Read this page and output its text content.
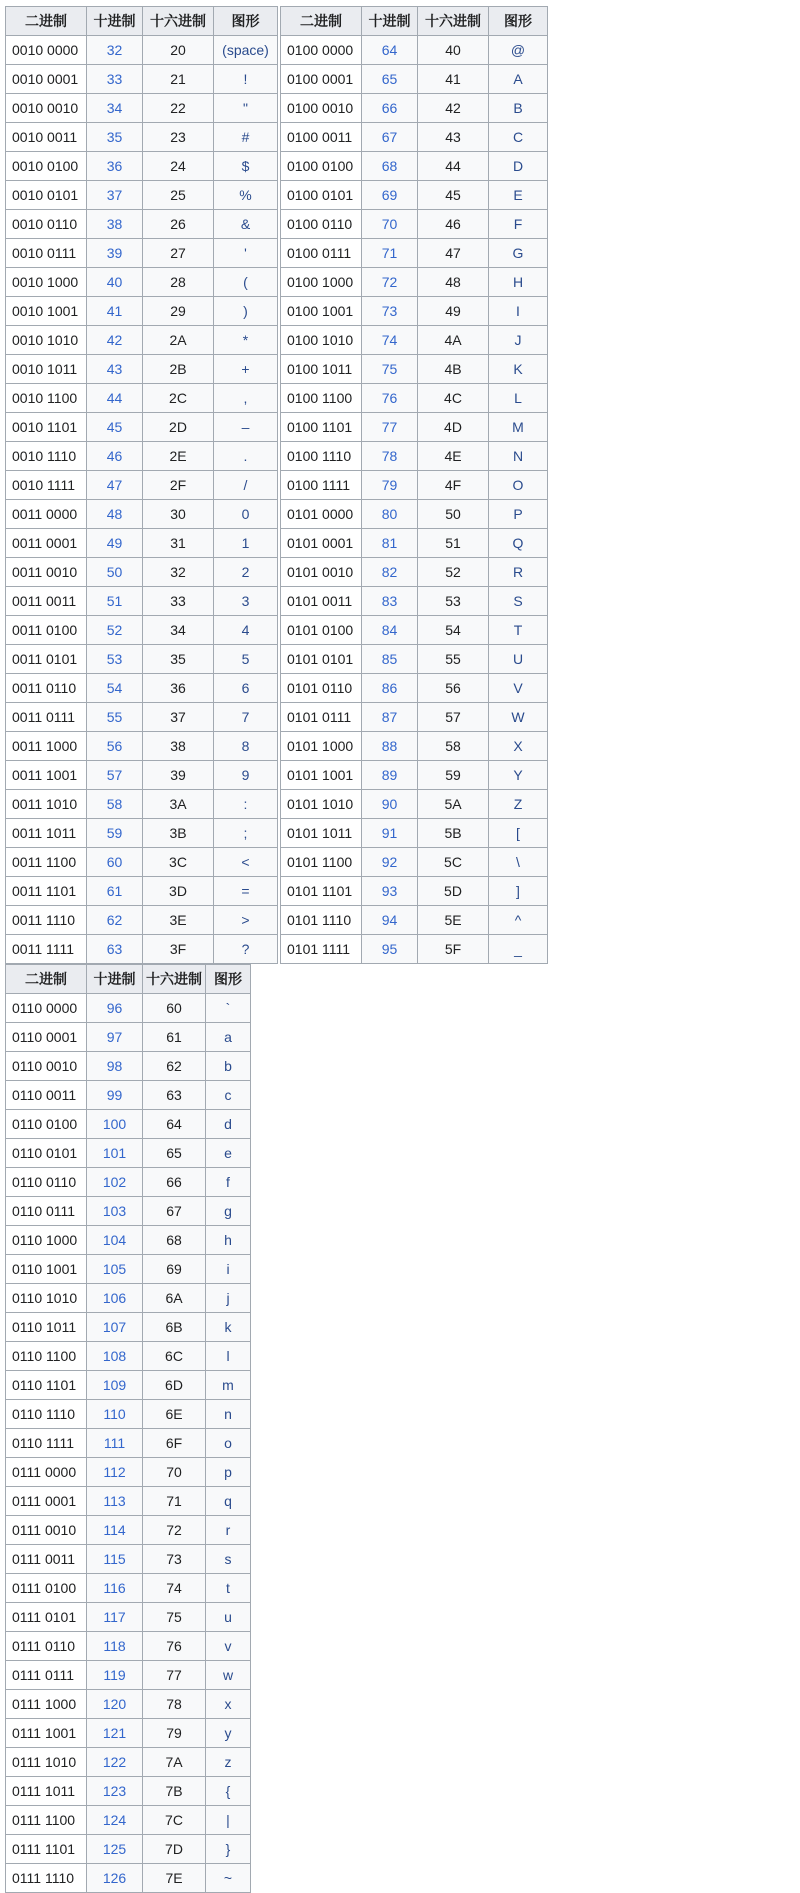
二进制	十进制	十六进制	图形
0010 0000	32	20	(space)
0010 0001	33	21	!
0010 0010	34	22	"
0010 0011	35	23	#
0010 0100	36	24	$
0010 0101	37	25	%
0010 0110	38	26	&
0010 0111	39	27	'
0010 1000	40	28	(
0010 1001	41	29	)
0010 1010	42	2A	*
0010 1011	43	2B	+
0010 1100	44	2C	,
0010 1101	45	2D	–
0010 1110	46	2E	.
0010 1111	47	2F	/
0011 0000	48	30	0
0011 0001	49	31	1
0011 0010	50	32	2
0011 0011	51	33	3
0011 0100	52	34	4
0011 0101	53	35	5
0011 0110	54	36	6
0011 0111	55	37	7
0011 1000	56	38	8
0011 1001	57	39	9
0011 1010	58	3A	:
0011 1011	59	3B	;
0011 1100	60	3C	<
0011 1101	61	3D	=
0011 1110	62	3E	>
0011 1111	63	3F	?
二进制	十进制	十六进制	图形
0100 0000	64	40	@
0100 0001	65	41	A
0100 0010	66	42	B
0100 0011	67	43	C
0100 0100	68	44	D
0100 0101	69	45	E
0100 0110	70	46	F
0100 0111	71	47	G
0100 1000	72	48	H
0100 1001	73	49	I
0100 1010	74	4A	J
0100 1011	75	4B	K
0100 1100	76	4C	L
0100 1101	77	4D	M
0100 1110	78	4E	N
0100 1111	79	4F	O
0101 0000	80	50	P
0101 0001	81	51	Q
0101 0010	82	52	R
0101 0011	83	53	S
0101 0100	84	54	T
0101 0101	85	55	U
0101 0110	86	56	V
0101 0111	87	57	W
0101 1000	88	58	X
0101 1001	89	59	Y
0101 1010	90	5A	Z
0101 1011	91	5B	[
0101 1100	92	5C	\
0101 1101	93	5D	]
0101 1110	94	5E	^
0101 1111	95	5F	_
二进制	十进制	十六进制	图形
0110 0000	96	60	`
0110 0001	97	61	a
0110 0010	98	62	b
0110 0011	99	63	c
0110 0100	100	64	d
0110 0101	101	65	e
0110 0110	102	66	f
0110 0111	103	67	g
0110 1000	104	68	h
0110 1001	105	69	i
0110 1010	106	6A	j
0110 1011	107	6B	k
0110 1100	108	6C	l
0110 1101	109	6D	m
0110 1110	110	6E	n
0110 1111	111	6F	o
0111 0000	112	70	p
0111 0001	113	71	q
0111 0010	114	72	r
0111 0011	115	73	s
0111 0100	116	74	t
0111 0101	117	75	u
0111 0110	118	76	v
0111 0111	119	77	w
0111 1000	120	78	x
0111 1001	121	79	y
0111 1010	122	7A	z
0111 1011	123	7B	{
0111 1100	124	7C	|
0111 1101	125	7D	}
0111 1110	126	7E	~
